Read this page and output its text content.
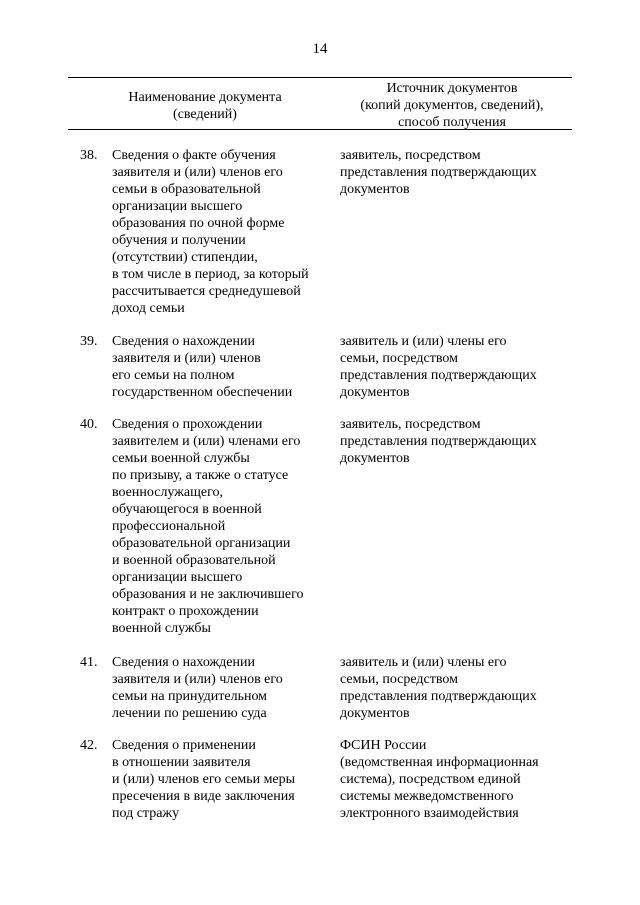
14
Наименование документа
(сведений)
Источник документов
(копий документов, сведений),
способ получения
38. Сведения о факте обучения
заявителя и (или) членов его
семьи в образовательной
организации высшего
образования по очной форме
обучения и получении
(отсутствии) стипендии,
в том числе в период, за который
рассчитывается среднедушевой
доход семьи
заявитель, посредством
представления подтверждающих
документов
39. Сведения о нахождении
заявителя и (или) членов
его семьи на полном
государственном обеспечении
заявитель и (или) члены его
семьи, посредством
представления подтверждающих
документов
40. Сведения о прохождении
заявителем и (или) членами его
семьи военной службы
по призыву, а также о статусе
военнослужащего,
обучающегося в военной
профессиональной
образовательной организации
и военной образовательной
организации высшего
образования и не заключившего
контракт о прохождении
военной службы
заявитель, посредством
представления подтверждающих
документов
41. Сведения о нахождении
заявителя и (или) членов его
семьи на принудительном
лечении по решению суда
заявитель и (или) члены его
семьи, посредством
представления подтверждающих
документов
42. Сведения о применении
в отношении заявителя
и (или) членов его семьи меры
пресечения в виде заключения
под стражу
ФСИН России
(ведомственная информационная
система), посредством единой
системы межведомственного
электронного взаимодействия
